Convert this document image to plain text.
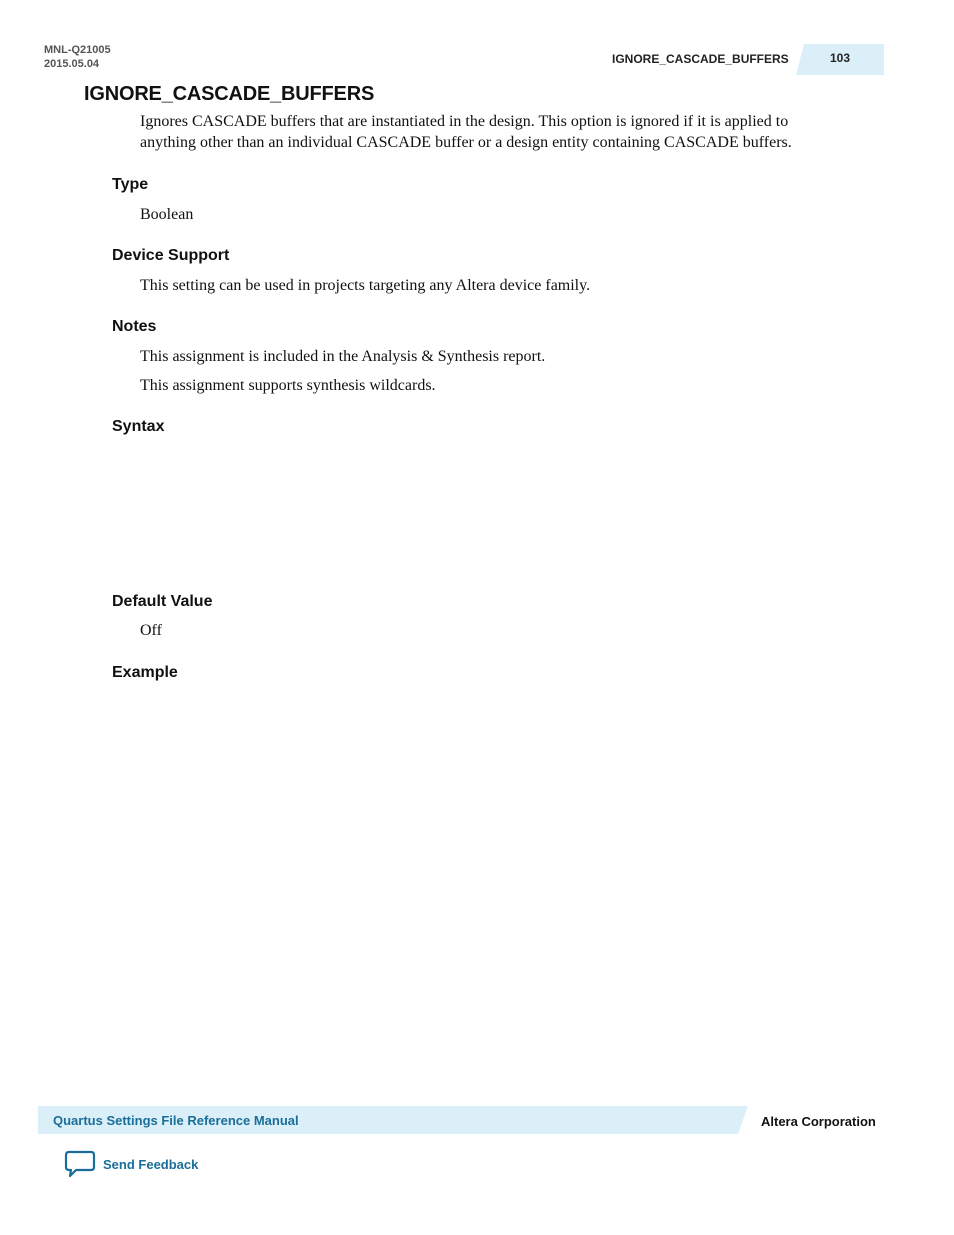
MNL-Q21005
2015.05.04	IGNORE_CASCADE_BUFFERS	103
IGNORE_CASCADE_BUFFERS
Ignores CASCADE buffers that are instantiated in the design. This option is ignored if it is applied to
anything other than an individual CASCADE buffer or a design entity containing CASCADE buffers.
Type
Boolean
Device Support
This setting can be used in projects targeting any Altera device family.
Notes
This assignment is included in the Analysis & Synthesis report.
This assignment supports synthesis wildcards.
Syntax
Default Value
Off
Example
Quartus Settings File Reference Manual	Altera Corporation
Send Feedback
